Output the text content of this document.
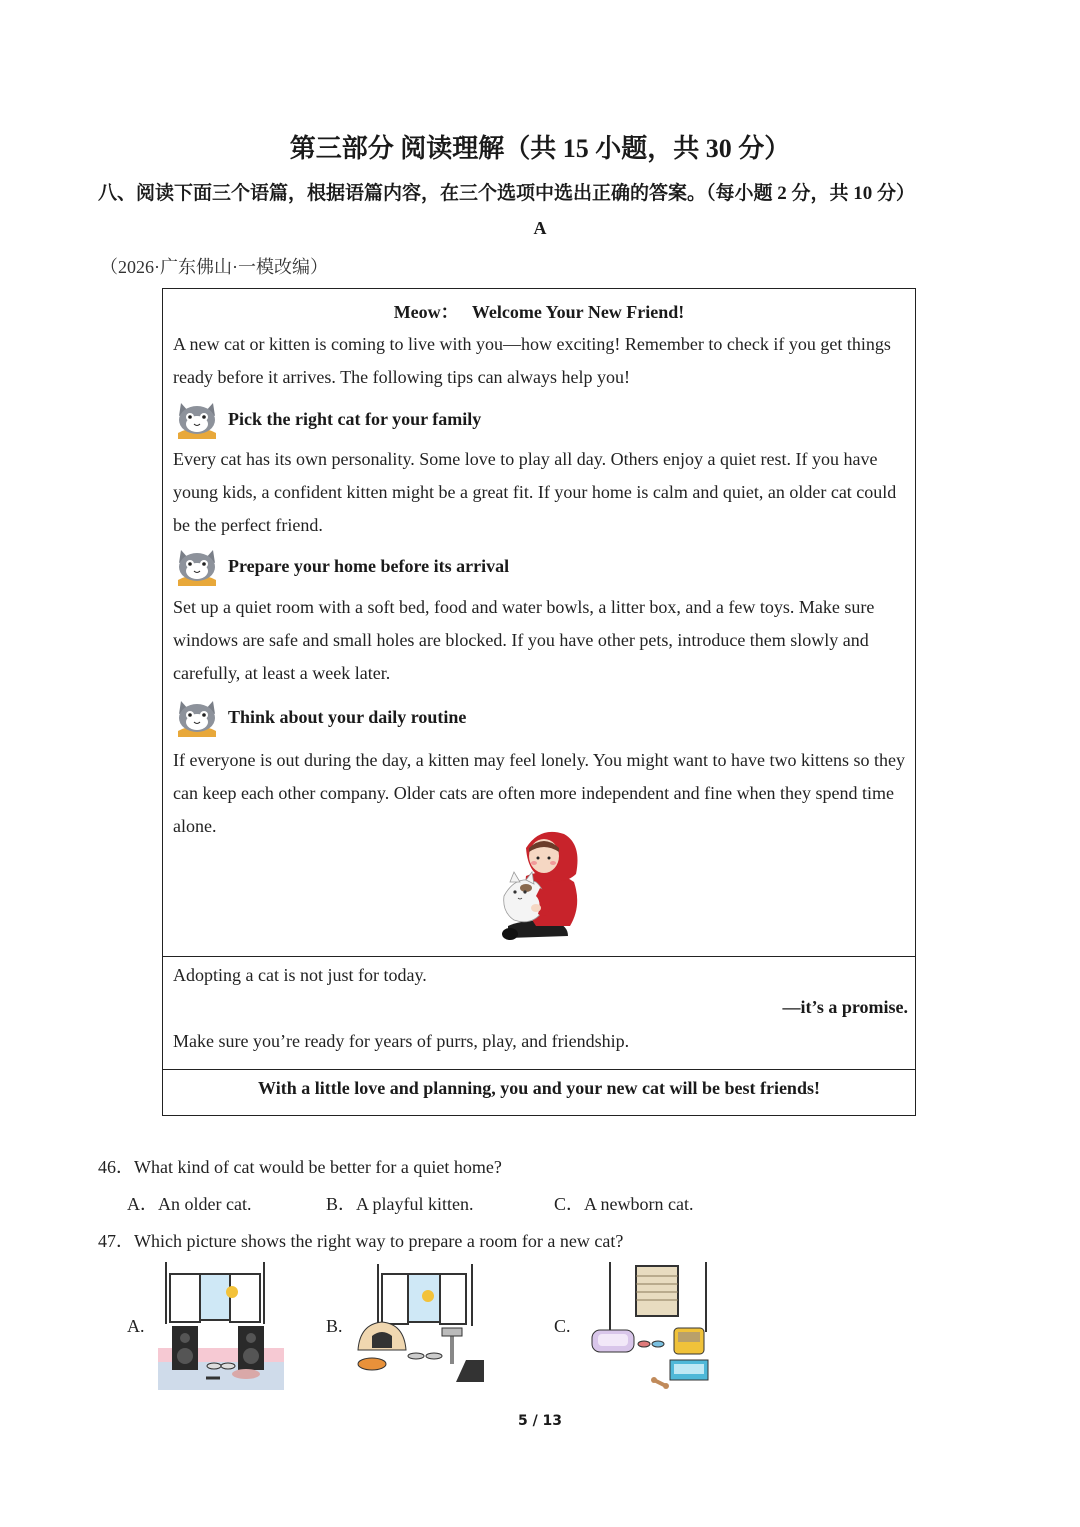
第三部分 阅读理解（共 15 小题，共 30 分）
八、阅读下面三个语篇，根据语篇内容，在三个选项中选出正确的答案。（每小题 2 分，共 10 分）
A
（2026·广东佛山·一模改编）
Meow：   Welcome Your New Friend!
A new cat or kitten is coming to live with you—how exciting! Remember to check if you get things ready before it arrives. The following tips can always help you!
Pick the right cat for your family
Every cat has its own personality. Some love to play all day. Others enjoy a quiet rest. If you have young kids, a confident kitten might be a great fit. If your home is calm and quiet, an older cat could be the perfect friend.
Prepare your home before its arrival
Set up a quiet room with a soft bed, food and water bowls, a litter box, and a few toys. Make sure windows are safe and small holes are blocked. If you have other pets, introduce them slowly and carefully, at least a week later.
Think about your daily routine
If everyone is out during the day, a kitten may feel lonely. You might want to have two kittens so they can keep each other company. Older cats are often more independent and fine when they spend time alone.
Adopting a cat is not just for today.
—it’s a promise.
Make sure you’re ready for years of purrs, play, and friendship.
With a little love and planning, you and your new cat will be best friends!
46．What kind of cat would be better for a quiet home?
A．An older cat.	B．A playful kitten.	C．A newborn cat.
47．Which picture shows the right way to prepare a room for a new cat?
A.	B.	C.
5 / 13
